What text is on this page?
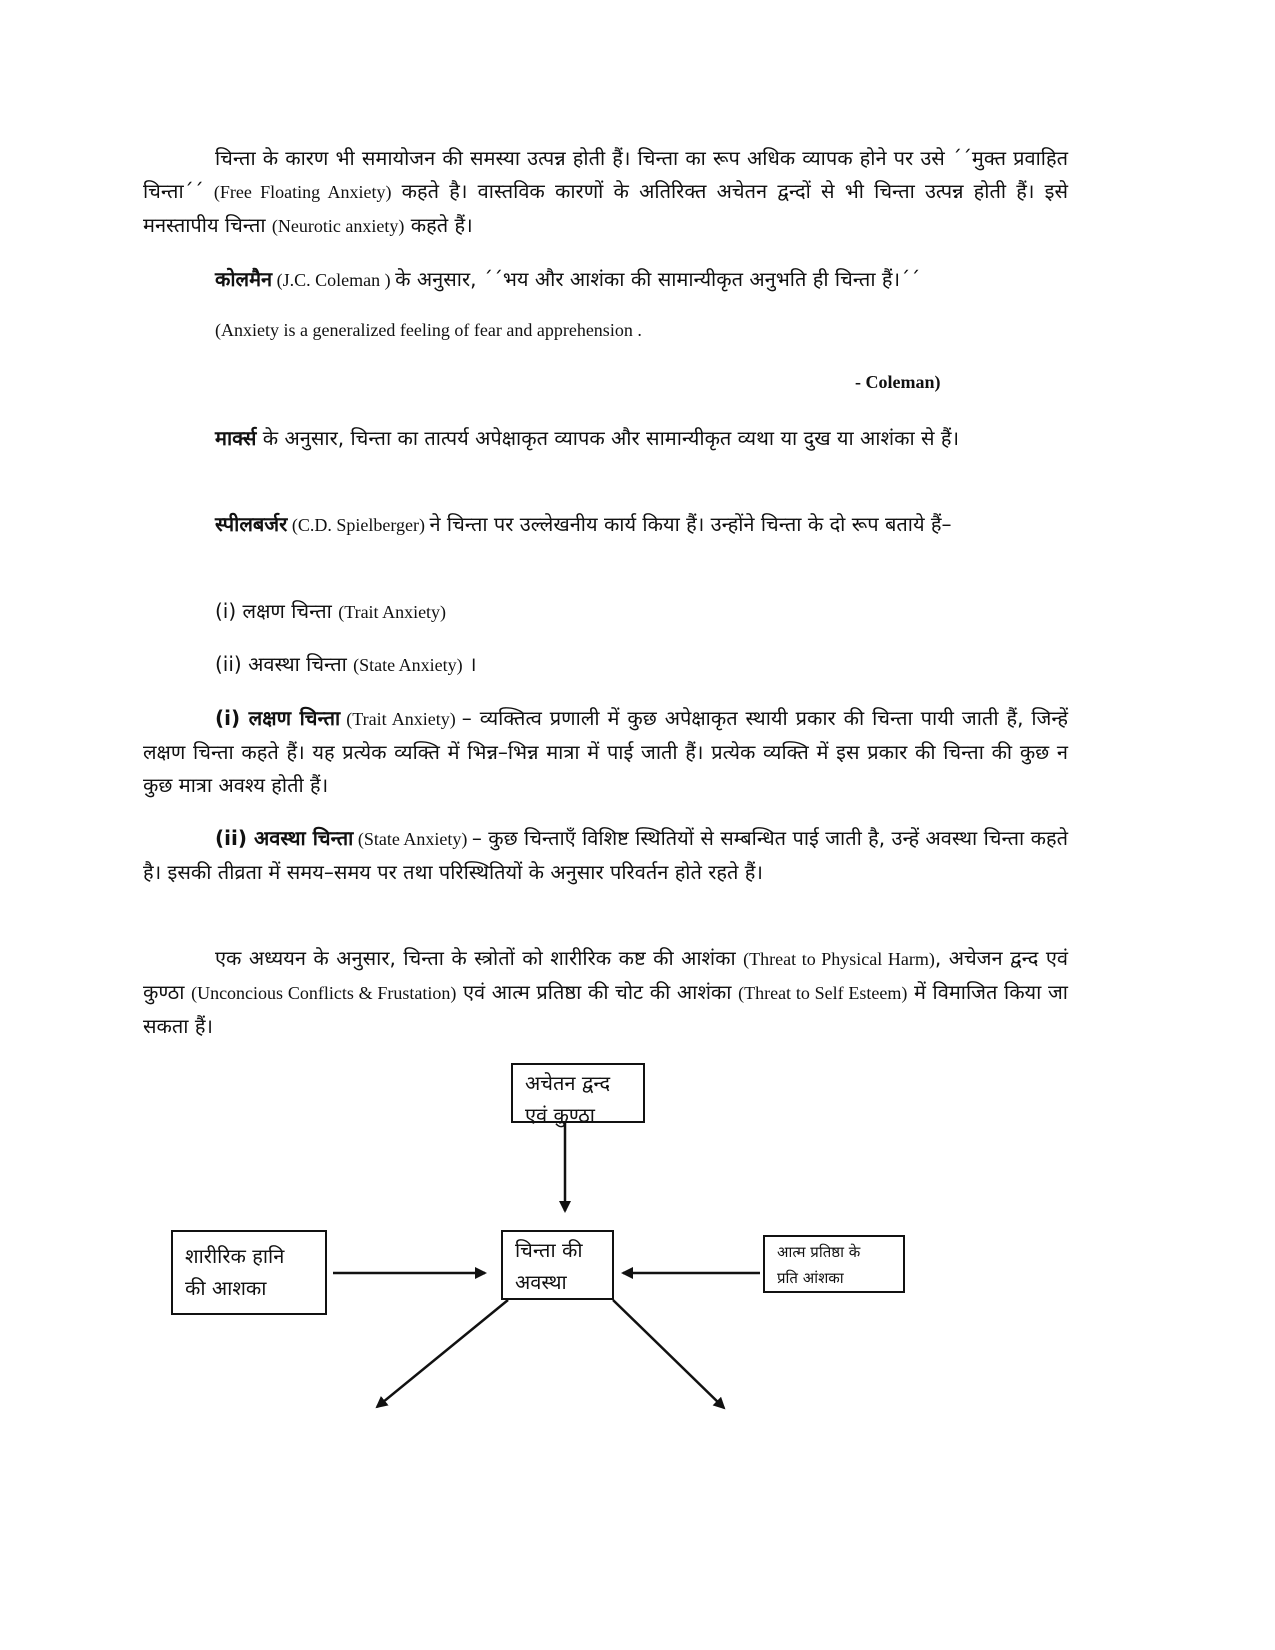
चिन्ता के कारण भी समायोजन की समस्या उत्पन्न होती हैं। चिन्ता का रूप अधिक व्यापक होने पर उसे ´´मुक्त प्रवाहित चिन्ता´´ (Free Floating Anxiety) कहते है। वास्तविक कारणों के अतिरिक्त अचेतन द्वन्दों से भी चिन्ता उत्पन्न होती हैं। इसे मनस्तापीय चिन्ता (Neurotic anxiety) कहते हैं।

कोलमैन (J.C. Coleman ) के अनुसार, ´´भय और आशंका की सामान्यीकृत अनुभति ही चिन्ता हैं।´´

(Anxiety is a generalized feeling of fear and apprehension .
- Coleman)

मार्क्स के अनुसार, चिन्ता का तात्पर्य अपेक्षाकृत व्यापक और सामान्यीकृत व्यथा या दुख या आशंका से हैं।

स्पीलबर्जर (C.D. Spielberger) ने चिन्ता पर उल्लेखनीय कार्य किया हैं। उन्होंने चिन्ता के दो रूप बताये हैं–

(i) लक्षण चिन्ता (Trait Anxiety)

(ii) अवस्था चिन्ता (State Anxiety) ।

(i) लक्षण चिन्ता (Trait Anxiety) – व्यक्तित्व प्रणाली में कुछ अपेक्षाकृत स्थायी प्रकार की चिन्ता पायी जाती हैं, जिन्हें लक्षण चिन्ता कहते हैं। यह प्रत्येक व्यक्ति में भिन्न–भिन्न मात्रा में पाई जाती हैं। प्रत्येक व्यक्ति में इस प्रकार की चिन्ता की कुछ न कुछ मात्रा अवश्य होती हैं।

(ii) अवस्था चिन्ता (State Anxiety) – कुछ चिन्ताएँ विशिष्ट स्थितियों से सम्बन्धित पाई जाती है, उन्हें अवस्था चिन्ता कहते है। इसकी तीव्रता में समय–समय पर तथा परिस्थितियों के अनुसार परिवर्तन होते रहते हैं।

एक अध्ययन के अनुसार, चिन्ता के स्त्रोतों को शारीरिक कष्ट की आशंका (Threat to Physical Harm), अचेजन द्वन्द एवं कुण्ठा (Unconcious Conflicts & Frustation) एवं आत्म प्रतिष्ठा की चोट की आशंका (Threat to Self Esteem) में विमाजित किया जा सकता हैं।

अचेतन द्वन्द
एवं कुण्ठा
शारीरिक हानि
की आशका
चिन्ता की
अवस्था
आत्म प्रतिष्ठा के
प्रति आंशका
